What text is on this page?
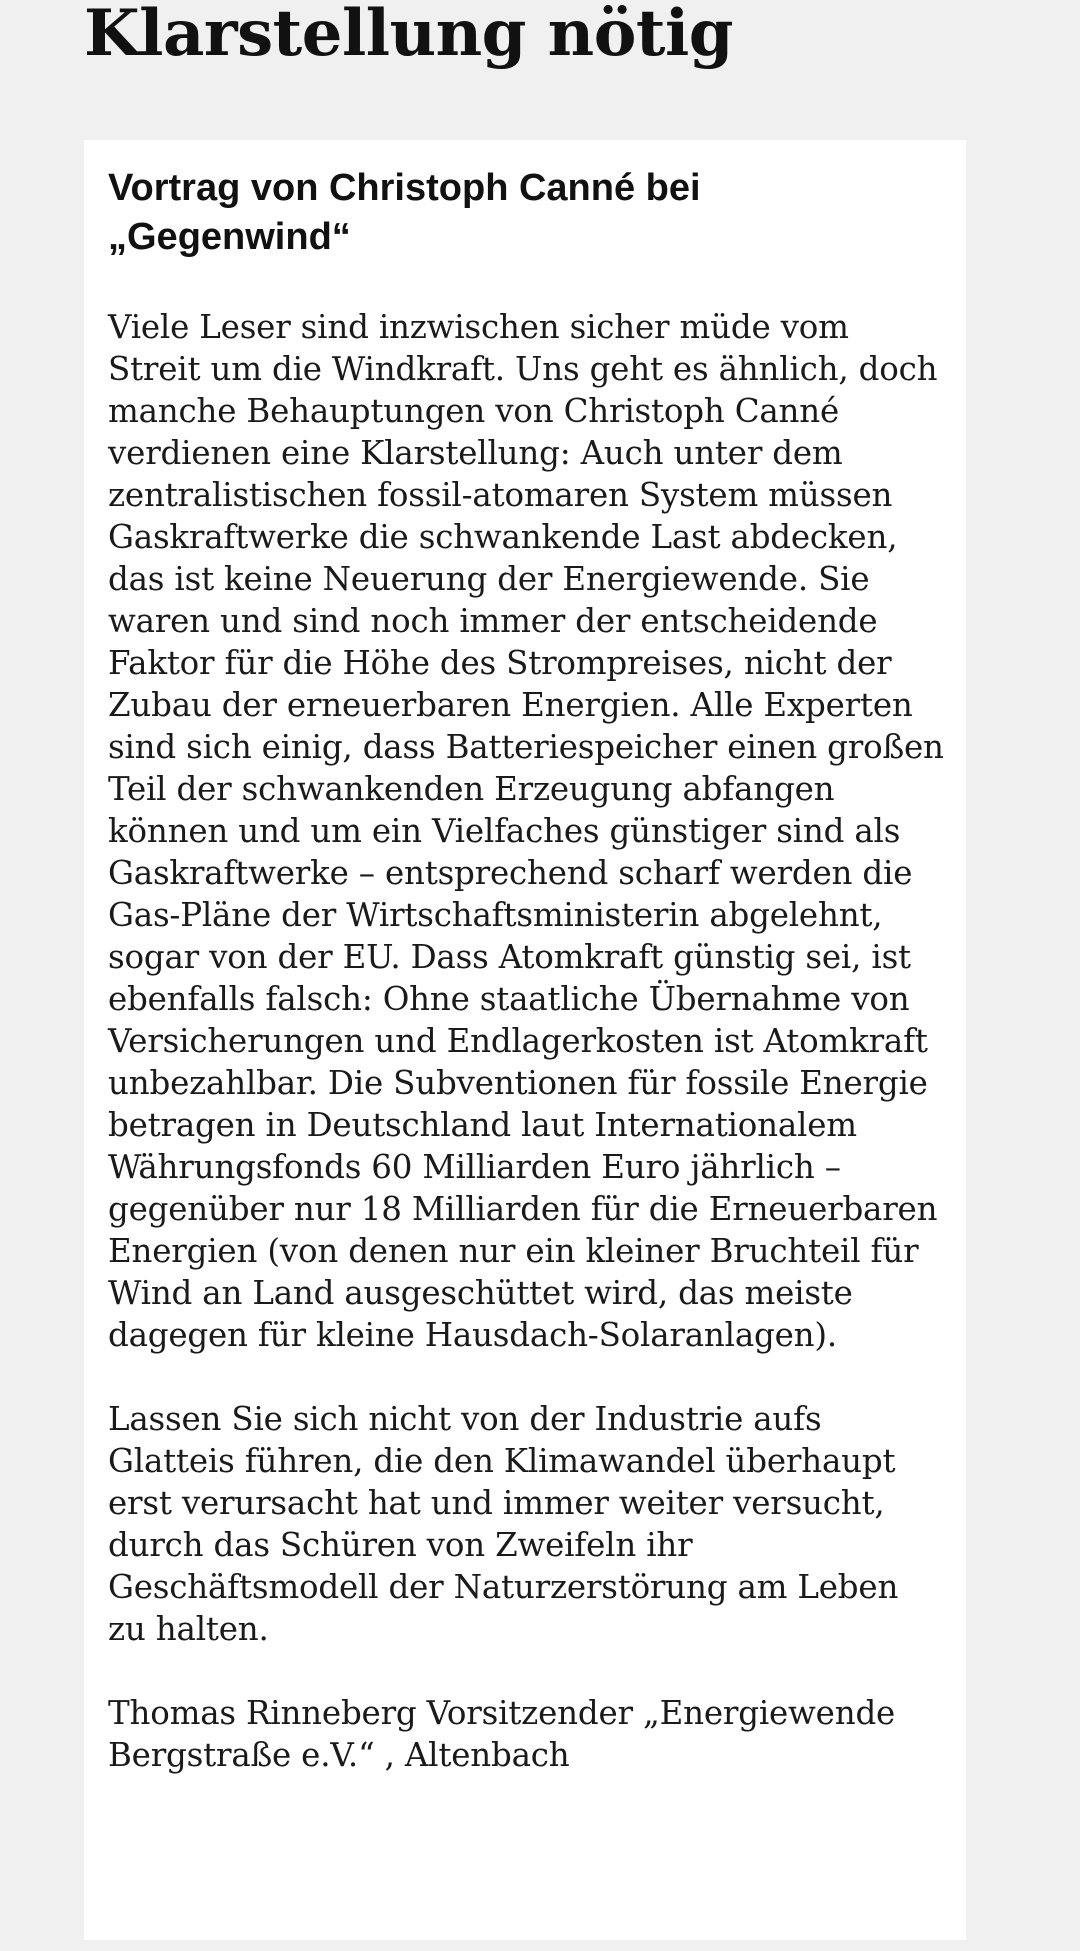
Klarstellung nötig
Vortrag von Christoph Canné bei „Gegenwind“

Viele Leser sind inzwischen sicher müde vom Streit um die Windkraft. Uns geht es ähnlich, doch manche Behauptungen von Christoph Canné verdienen eine Klarstellung: Auch unter dem zentralistischen fossil-atomaren System müssen Gaskraftwerke die schwankende Last abdecken, das ist keine Neuerung der Energiewende. Sie waren und sind noch immer der entscheidende Faktor für die Höhe des Strompreises, nicht der Zubau der erneuerbaren Energien. Alle Experten sind sich einig, dass Batteriespeicher einen großen Teil der schwankenden Erzeugung abfangen können und um ein Vielfaches günstiger sind als Gaskraftwerke – entsprechend scharf werden die Gas-Pläne der Wirtschaftsministerin abgelehnt, sogar von der EU. Dass Atomkraft günstig sei, ist ebenfalls falsch: Ohne staatliche Übernahme von Versicherungen und Endlagerkosten ist Atomkraft unbezahlbar. Die Subventionen für fossile Energie betragen in Deutschland laut Internationalem Währungsfonds 60 Milliarden Euro jährlich – gegenüber nur 18 Milliarden für die Erneuerbaren Energien (von denen nur ein kleiner Bruchteil für Wind an Land ausgeschüttet wird, das meiste dagegen für kleine Hausdach-Solaranlagen).

Lassen Sie sich nicht von der Industrie aufs Glatteis führen, die den Klimawandel überhaupt erst verursacht hat und immer weiter versucht, durch das Schüren von Zweifeln ihr Geschäftsmodell der Naturzerstörung am Leben zu halten.

Thomas Rinneberg Vorsitzender „Energiewende Bergstraße e.V.“ , Altenbach
